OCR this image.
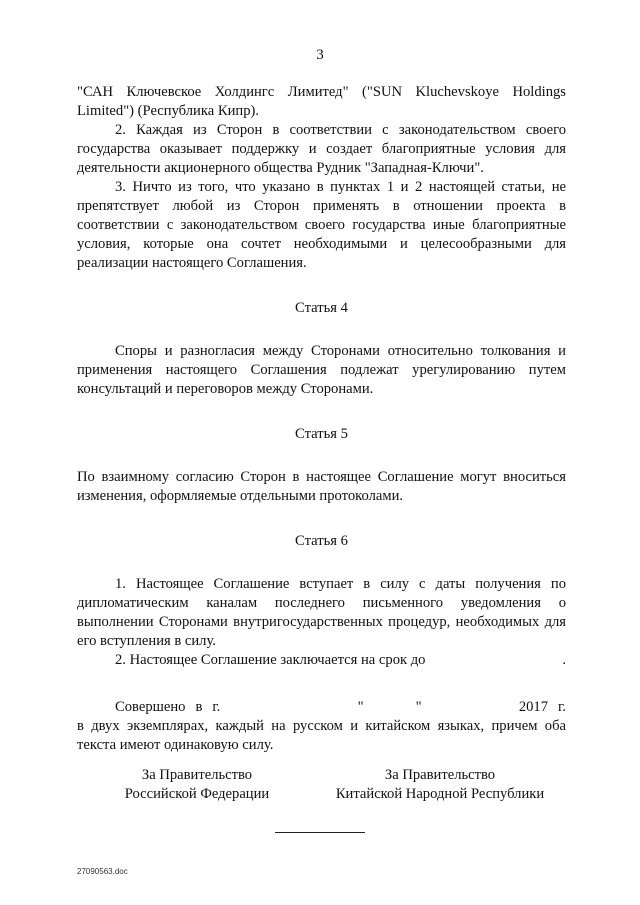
3

"САН Ключевское Холдингс Лимитед" ("SUN Kluchevskoye Holdings Limited") (Республика Кипр).

2. Каждая из Сторон в соответствии с законодательством своего государства оказывает поддержку и создает благоприятные условия для деятельности акционерного общества Рудник "Западная-Ключи".

3. Ничто из того, что указано в пунктах 1 и 2 настоящей статьи, не препятствует любой из Сторон применять в отношении проекта в соответствии с законодательством своего государства иные благоприятные условия, которые она сочтет необходимыми и целесообразными для реализации настоящего Соглашения.

Статья 4

Споры и разногласия между Сторонами относительно толкования и применения настоящего Соглашения подлежат урегулированию путем консультаций и переговоров между Сторонами.

Статья 5

По взаимному согласию Сторон в настоящее Соглашение могут вноситься изменения, оформляемые отдельными протоколами.

Статья 6

1. Настоящее Соглашение вступает в силу с даты получения по дипломатическим каналам последнего письменного уведомления о выполнении Сторонами внутригосударственных процедур, необходимых для его вступления в силу.

2. Настоящее Соглашение заключается на срок до	.
Совершено в г.	"	"	2017 г.

в двух экземплярах, каждый на русском и китайском языках, причем оба текста имеют одинаковую силу.

За Правительство
Российской Федерации
За Правительство
Китайской Народной Республики
27090563.doc
